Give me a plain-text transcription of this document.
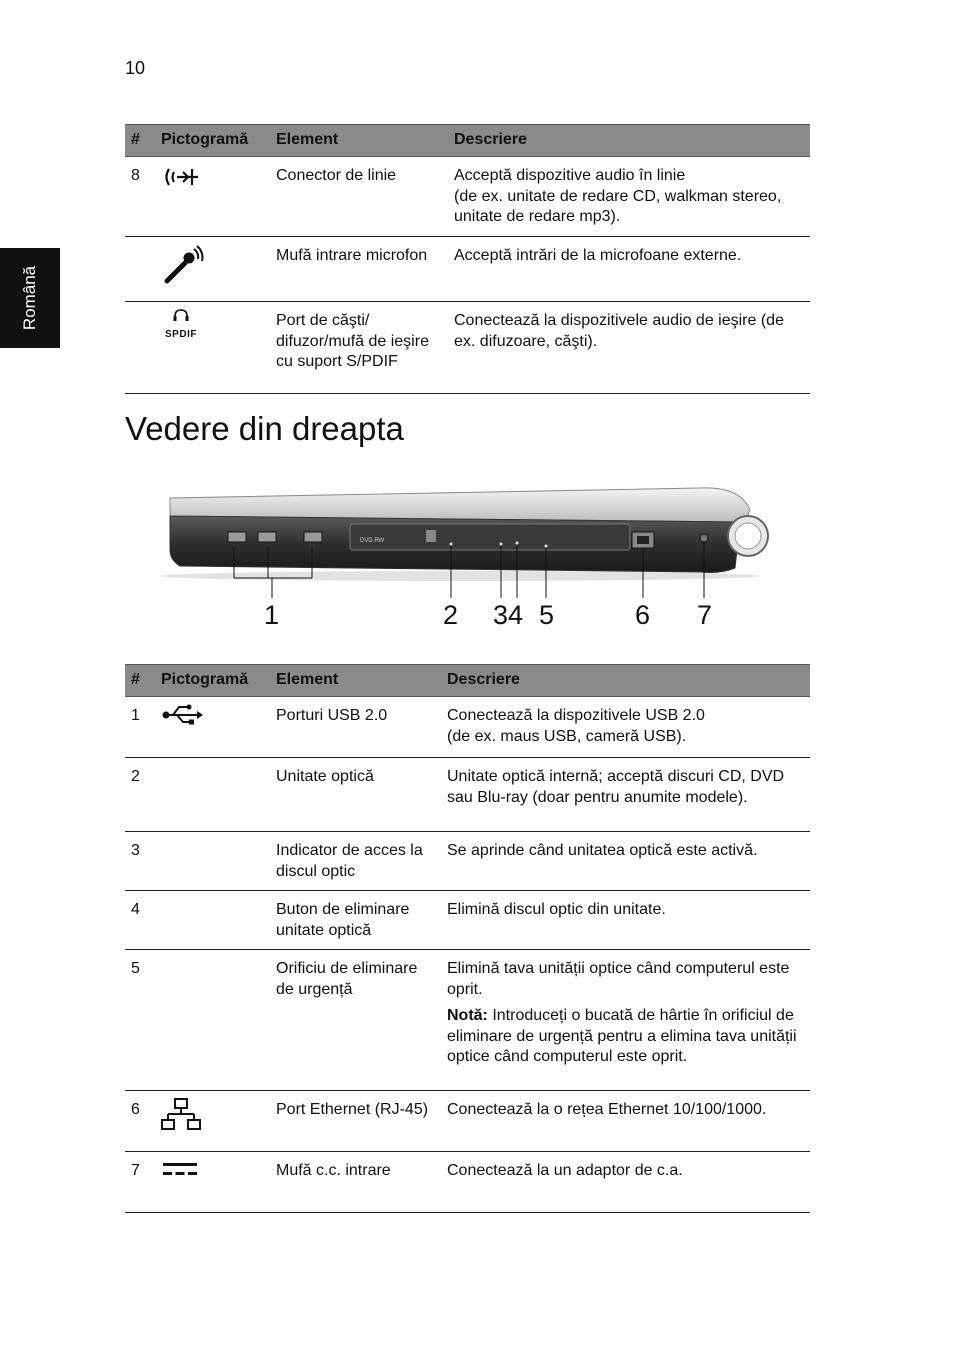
10
Română
#	Pictogramă	Element	Descriere
8		Conector de linie	Acceptă dispozitive audio în linie
(de ex. unitate de redare CD, walkman stereo, unitate de redare mp3).
		Mufă intrare microfon	Acceptă intrări de la microfoane externe.

	SPDIF	Port de căşti/ difuzor/mufă de ieşire cu suport S/PDIF	Conectează la dispozitivele audio de ieşire (de ex. difuzoare, căşti).
Vedere din dreapta
DVD RW
1	2 34 5	6 7
#	Pictogramă	Element	Descriere
1		Porturi USB 2.0	Conectează la dispozitivele USB 2.0
(de ex. maus USB, cameră USB).
2		Unitate optică	Unitate optică internă; acceptă discuri CD, DVD sau Blu-ray (doar pentru anumite modele).
3		Indicator de acces la discul optic	Se aprinde când unitatea optică este activă.
4		Buton de eliminare unitate optică	Elimină discul optic din unitate.
5		Orificiu de eliminare de urgență	Elimină tava unității optice când computerul este oprit.
Notă: Introduceți o bucată de hârtie în orificiul de eliminare de urgență pentru a elimina tava unității optice când computerul este oprit.

6		Port Ethernet (RJ-45)	Conectează la o rețea Ethernet 10/100/1000.
7		Mufă c.c. intrare	Conectează la un adaptor de c.a.
